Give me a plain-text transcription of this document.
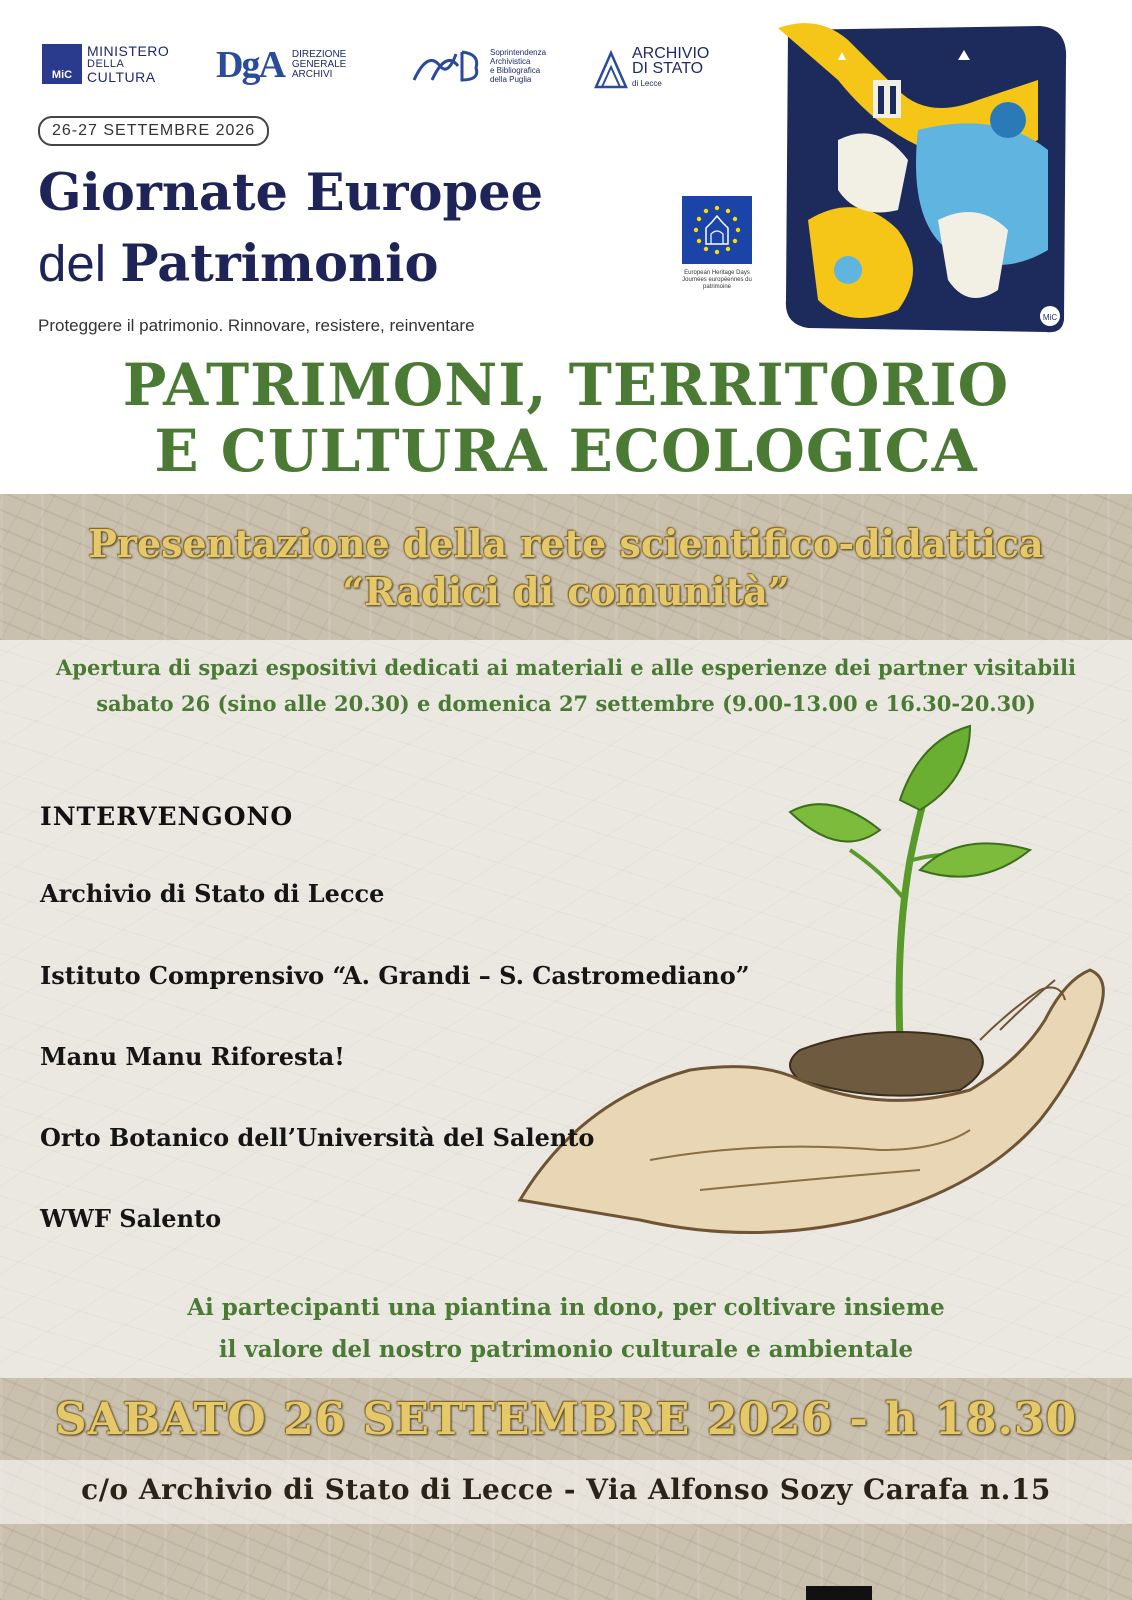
MiC
MINISTERO
DELLA
CULTURA	DgA DIREZIONE
GENERALE
ARCHIVI
Soprintendenza
Archivistica
e Bibliografica
della Puglia
ARCHIVIO
DI STATO
di Lecce
26-27 SETTEMBRE 2026
Giornate Europee
del Patrimonio
Proteggere il patrimonio. Rinnovare, resistere, reinventare
European Heritage Days
Journées européennes du patrimoine
MiC
PATRIMONI, TERRITORIO
E CULTURA ECOLOGICA
Presentazione della rete scientifico-didattica
“Radici di comunità”
Apertura di spazi espositivi dedicati ai materiali e alle esperienze dei partner visitabili
sabato 26 (sino alle 20.30) e domenica 27 settembre (9.00-13.00 e 16.30-20.30)
INTERVENGONO
Archivio di Stato di Lecce
Istituto Comprensivo “A. Grandi – S. Castromediano”
Manu Manu Riforesta!
Orto Botanico dell’Università del Salento
WWF Salento
Ai partecipanti una piantina in dono, per coltivare insieme
il valore del nostro patrimonio culturale e ambientale
SABATO 26 SETTEMBRE 2026 - h 18.30
c/o Archivio di Stato di Lecce - Via Alfonso Sozy Carafa n.15
